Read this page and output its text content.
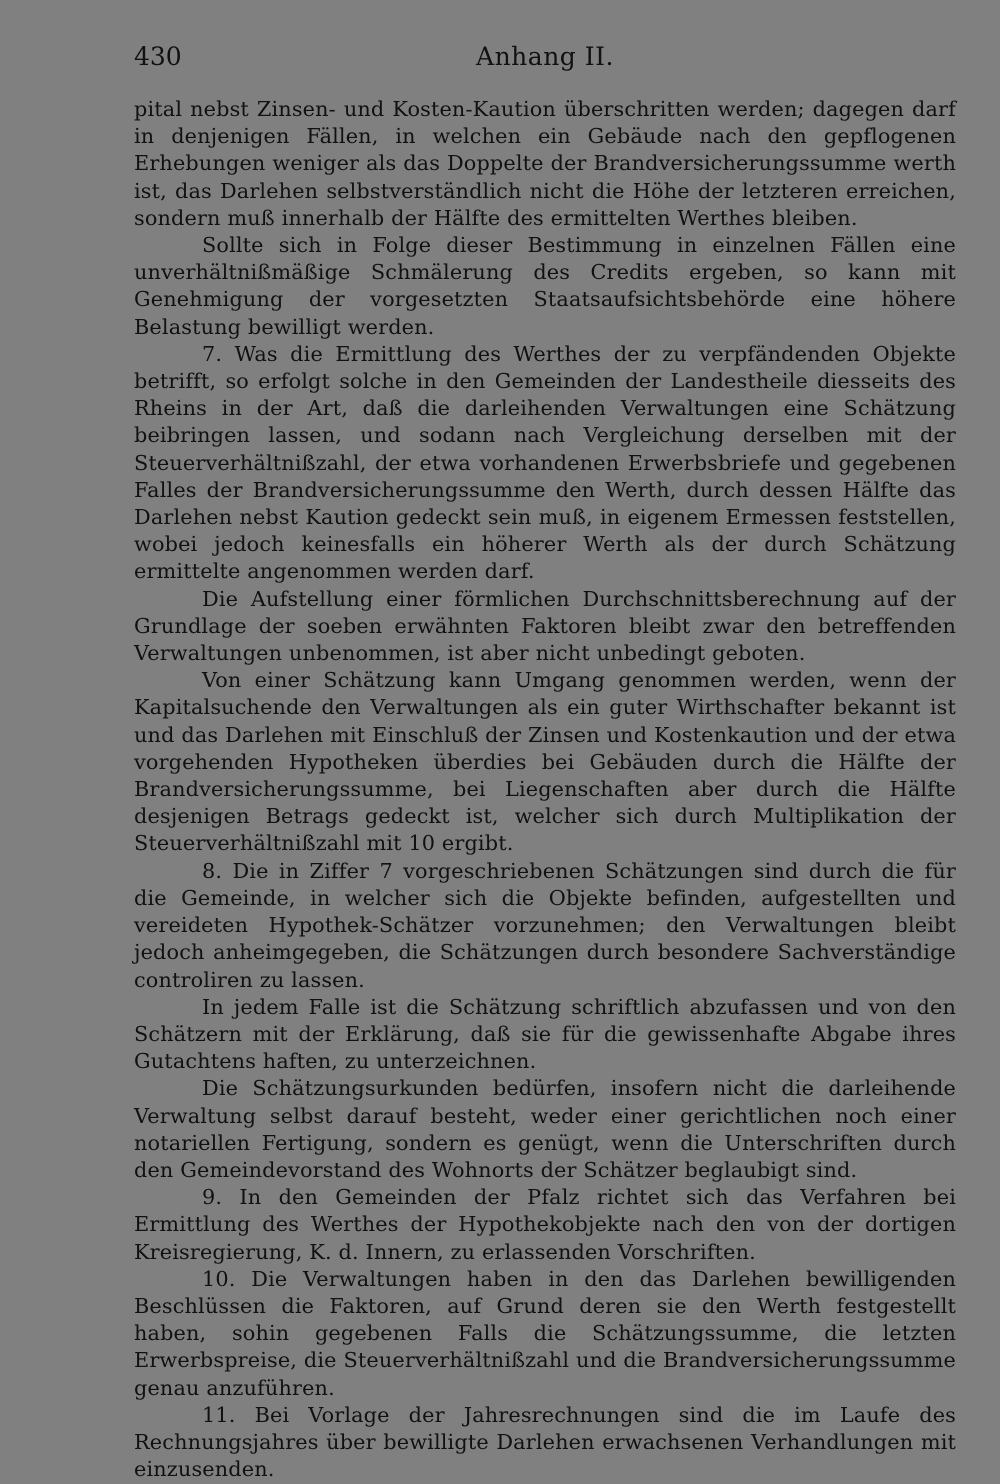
430	Anhang II.

pital nebst Zinsen- und Kosten-Kaution überschritten werden; dagegen darf in denjenigen Fällen, in welchen ein Gebäude nach den gepflogenen Erhebungen weniger als das Doppelte der Brandversicherungssumme werth ist, das Darlehen selbstverständlich nicht die Höhe der letzteren erreichen, sondern muß innerhalb der Hälfte des ermittelten Werthes bleiben.

Sollte sich in Folge dieser Bestimmung in einzelnen Fällen eine unverhältnißmäßige Schmälerung des Credits ergeben, so kann mit Genehmigung der vorgesetzten Staatsaufsichtsbehörde eine höhere Belastung bewilligt werden.

7. Was die Ermittlung des Werthes der zu verpfändenden Objekte betrifft, so erfolgt solche in den Gemeinden der Landestheile diesseits des Rheins in der Art, daß die darleihenden Verwaltungen eine Schätzung beibringen lassen, und sodann nach Vergleichung derselben mit der Steuerverhältnißzahl, der etwa vorhandenen Erwerbsbriefe und gegebenen Falles der Brandversicherungssumme den Werth, durch dessen Hälfte das Darlehen nebst Kaution gedeckt sein muß, in eigenem Ermessen feststellen, wobei jedoch keinesfalls ein höherer Werth als der durch Schätzung ermittelte angenommen werden darf.

Die Aufstellung einer förmlichen Durchschnittsberechnung auf der Grundlage der soeben erwähnten Faktoren bleibt zwar den betreffenden Verwaltungen unbenommen, ist aber nicht unbedingt geboten.

Von einer Schätzung kann Umgang genommen werden, wenn der Kapitalsuchende den Verwaltungen als ein guter Wirthschafter bekannt ist und das Darlehen mit Einschluß der Zinsen und Kostenkaution und der etwa vorgehenden Hypotheken überdies bei Gebäuden durch die Hälfte der Brandversicherungssumme, bei Liegenschaften aber durch die Hälfte desjenigen Betrags gedeckt ist, welcher sich durch Multiplikation der Steuerverhältnißzahl mit 10 ergibt.

8. Die in Ziffer 7 vorgeschriebenen Schätzungen sind durch die für die Gemeinde, in welcher sich die Objekte befinden, aufgestellten und vereideten Hypothek-Schätzer vorzunehmen; den Verwaltungen bleibt jedoch anheimgegeben, die Schätzungen durch besondere Sachverständige controliren zu lassen.

In jedem Falle ist die Schätzung schriftlich abzufassen und von den Schätzern mit der Erklärung, daß sie für die gewissenhafte Abgabe ihres Gutachtens haften, zu unterzeichnen.

Die Schätzungsurkunden bedürfen, insofern nicht die darleihende Verwaltung selbst darauf besteht, weder einer gerichtlichen noch einer notariellen Fertigung, sondern es genügt, wenn die Unterschriften durch den Gemeindevorstand des Wohnorts der Schätzer beglaubigt sind.

9. In den Gemeinden der Pfalz richtet sich das Verfahren bei Ermittlung des Werthes der Hypothekobjekte nach den von der dortigen Kreisregierung, K. d. Innern, zu erlassenden Vorschriften.

10. Die Verwaltungen haben in den das Darlehen bewilligenden Beschlüssen die Faktoren, auf Grund deren sie den Werth festgestellt haben, sohin gegebenen Falls die Schätzungssumme, die letzten Erwerbspreise, die Steuerverhältnißzahl und die Brandversicherungssumme genau anzuführen.

11. Bei Vorlage der Jahresrechnungen sind die im Laufe des Rechnungsjahres über bewilligte Darlehen erwachsenen Verhandlungen mit einzusenden.
